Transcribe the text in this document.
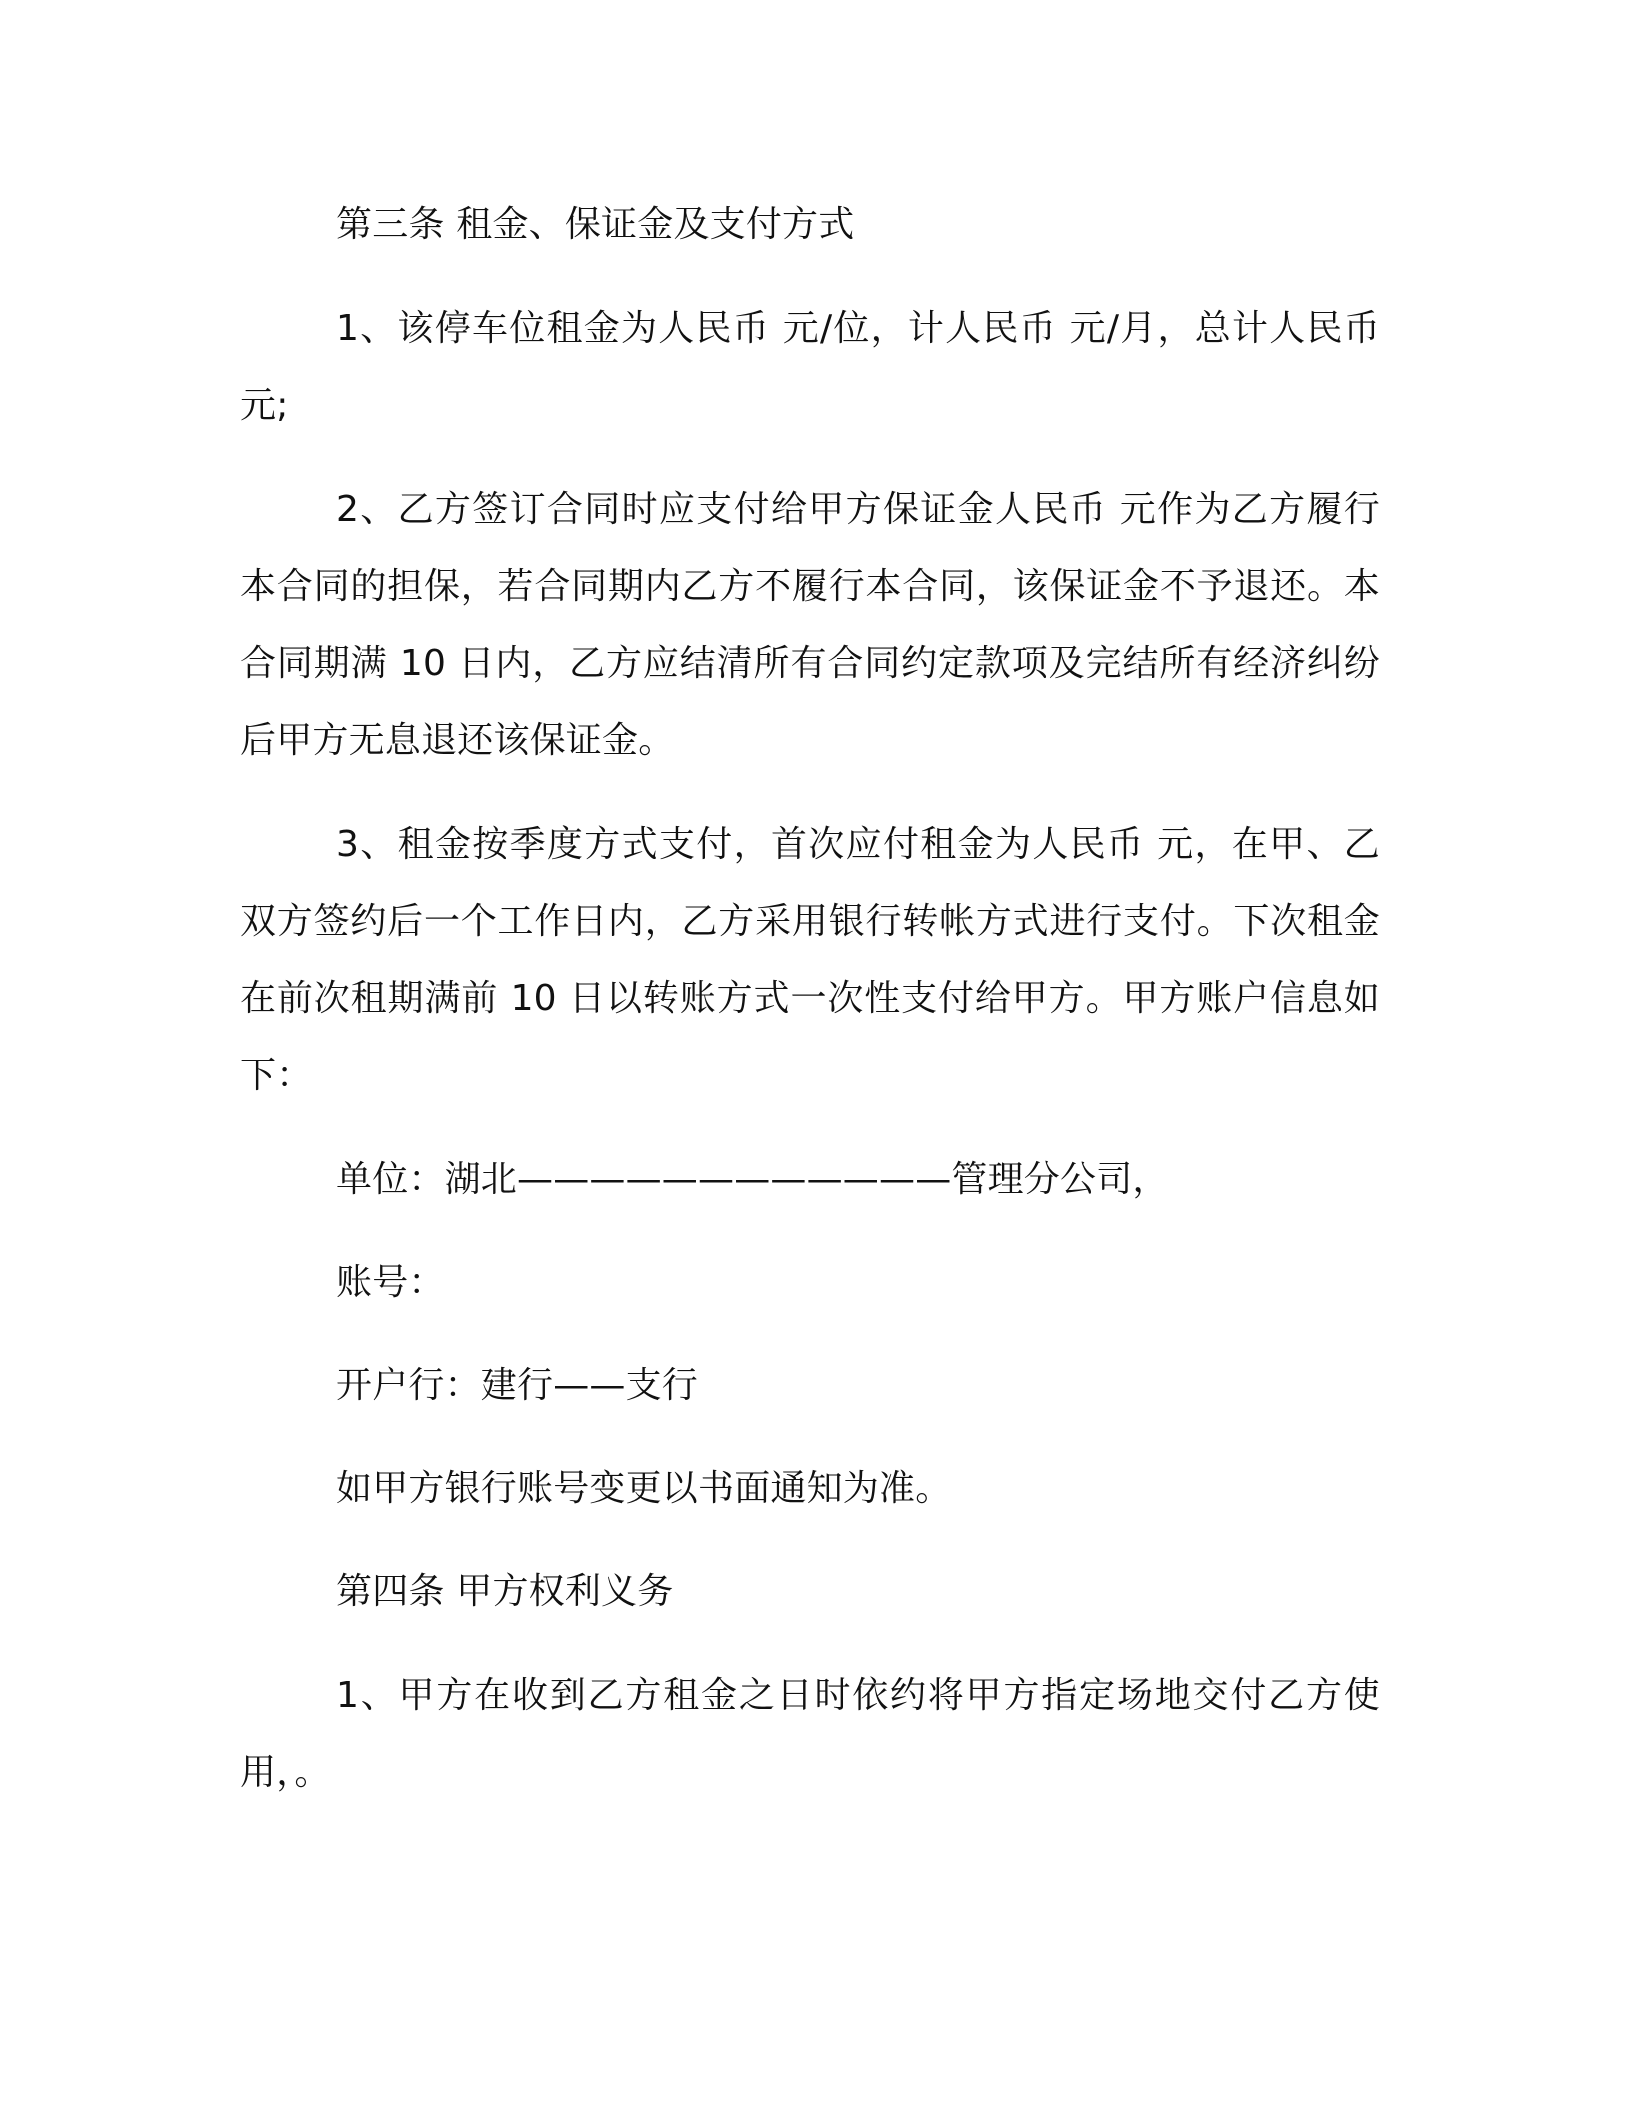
第三条 租金、保证金及支付方式

1、该停车位租金为人民币 元/位，计人民币 元/月，总计人民币元;

2、乙方签订合同时应支付给甲方保证金人民币 元作为乙方履行本合同的担保，若合同期内乙方不履行本合同，该保证金不予退还。本合同期满 10 日内，乙方应结清所有合同约定款项及完结所有经济纠纷后甲方无息退还该保证金。

3、租金按季度方式支付，首次应付租金为人民币 元，在甲、乙双方签约后一个工作日内，乙方采用银行转帐方式进行支付。下次租金在前次租期满前 10 日以转账方式一次性支付给甲方。甲方账户信息如下：

单位：湖北————————————管理分公司，

账号：

开户行：建行——支行

如甲方银行账号变更以书面通知为准。

第四条 甲方权利义务

1、甲方在收到乙方租金之日时依约将甲方指定场地交付乙方使用，。
